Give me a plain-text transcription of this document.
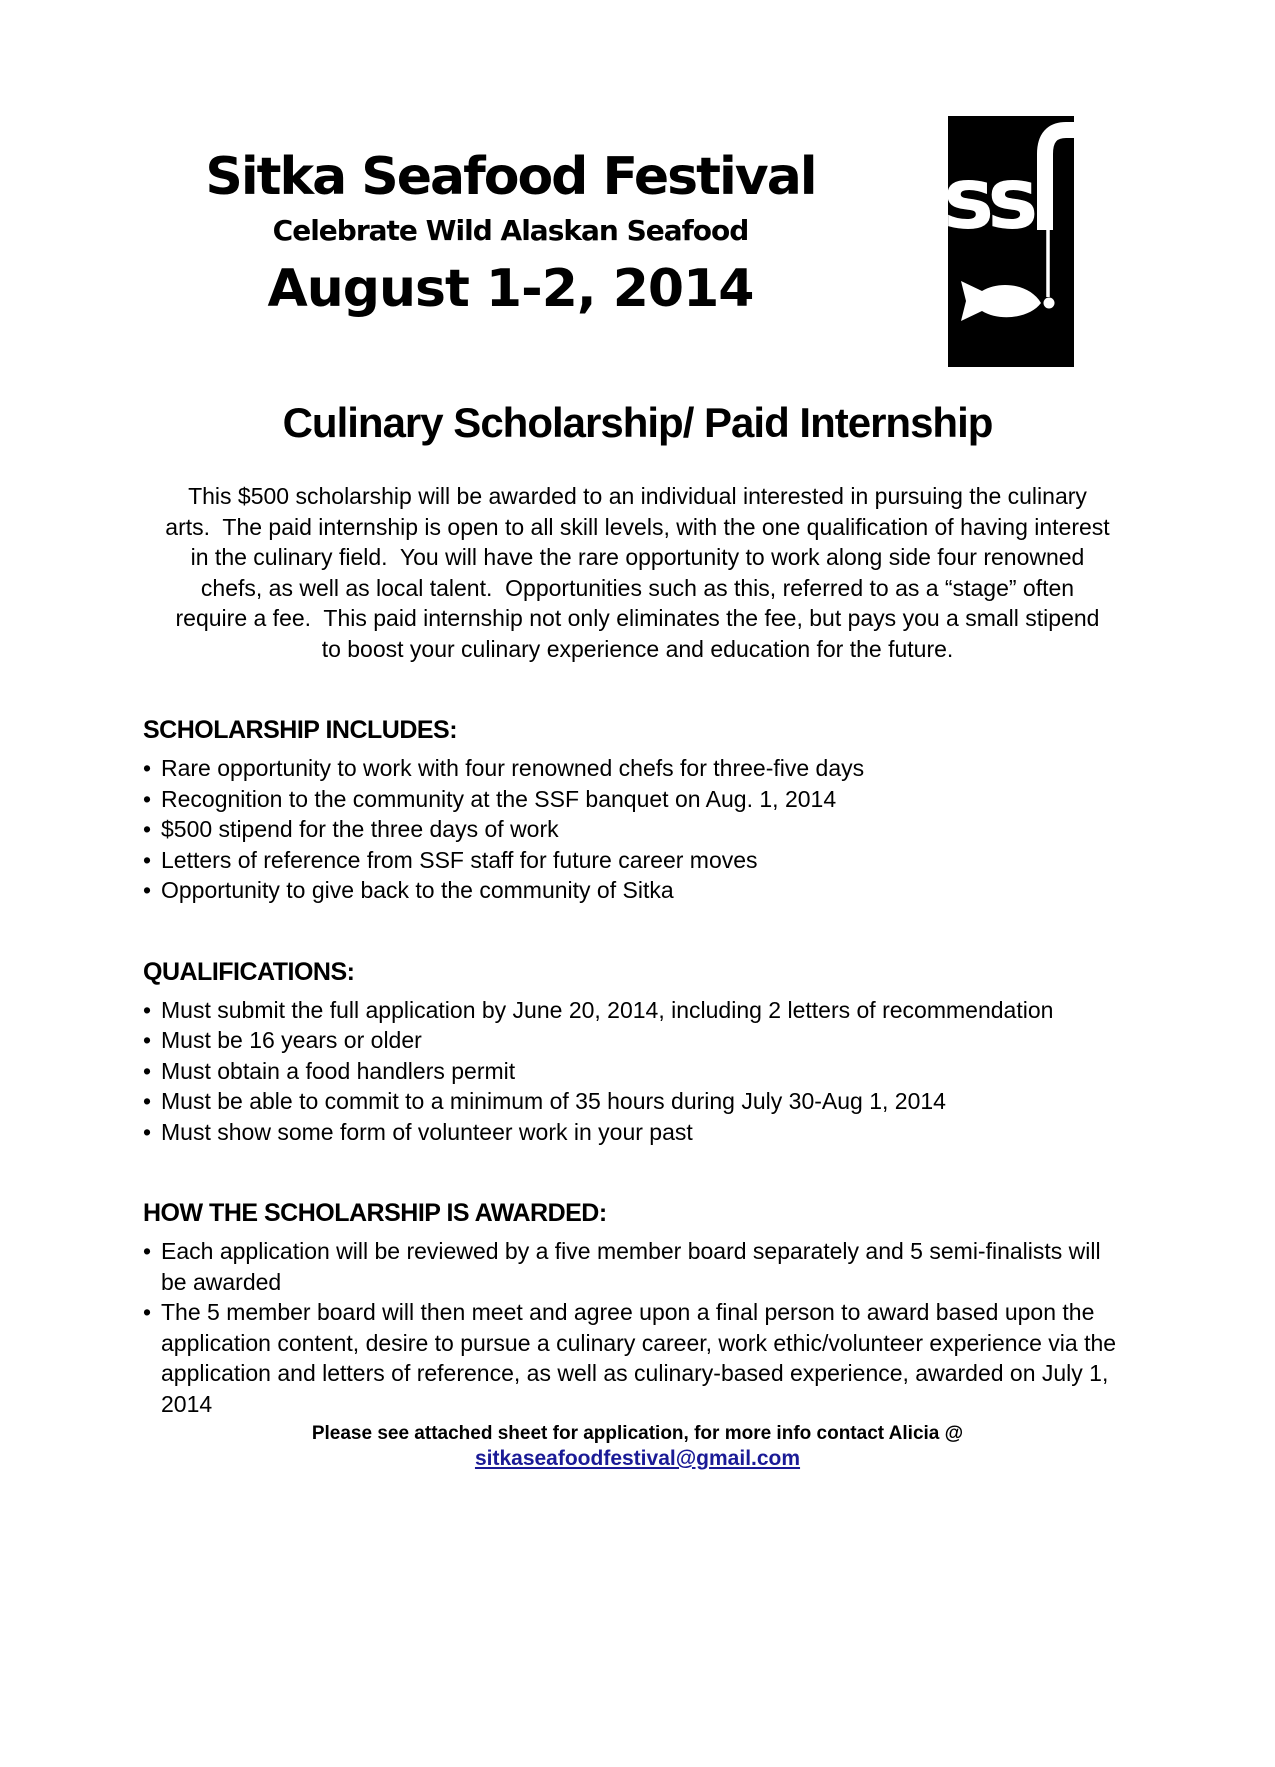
Sitka Seafood Festival
Celebrate Wild Alaskan Seafood
August 1-2, 2014
ss
Culinary Scholarship/ Paid Internship

This $500 scholarship will be awarded to an individual interested in pursuing the culinary arts.  The paid internship is open to all skill levels, with the one qualification of having interest in the culinary field.  You will have the rare opportunity to work along side four renowned chefs, as well as local talent.  Opportunities such as this, referred to as a “stage” often require a fee.  This paid internship not only eliminates the fee, but pays you a small stipend to boost your culinary experience and education for the future.

SCHOLARSHIP INCLUDES:
• Rare opportunity to work with four renowned chefs for three-five days
• Recognition to the community at the SSF banquet on Aug. 1, 2014
• $500 stipend for the three days of work
• Letters of reference from SSF staff for future career moves
• Opportunity to give back to the community of Sitka
QUALIFICATIONS:
• Must submit the full application by June 20, 2014, including 2 letters of recommendation
• Must be 16 years or older
• Must obtain a food handlers permit
• Must be able to commit to a minimum of 35 hours during July 30-Aug 1, 2014
• Must show some form of volunteer work in your past
HOW THE SCHOLARSHIP IS AWARDED:
• Each application will be reviewed by a five member board separately and 5 semi-finalists will be awarded
• The 5 member board will then meet and agree upon a final person to award based upon the application content, desire to pursue a culinary career, work ethic/volunteer experience via the application and letters of reference, as well as culinary-based experience, awarded on July 1, 2014
Please see attached sheet for application, for more info contact Alicia @
sitkaseafoodfestival@gmail.com
